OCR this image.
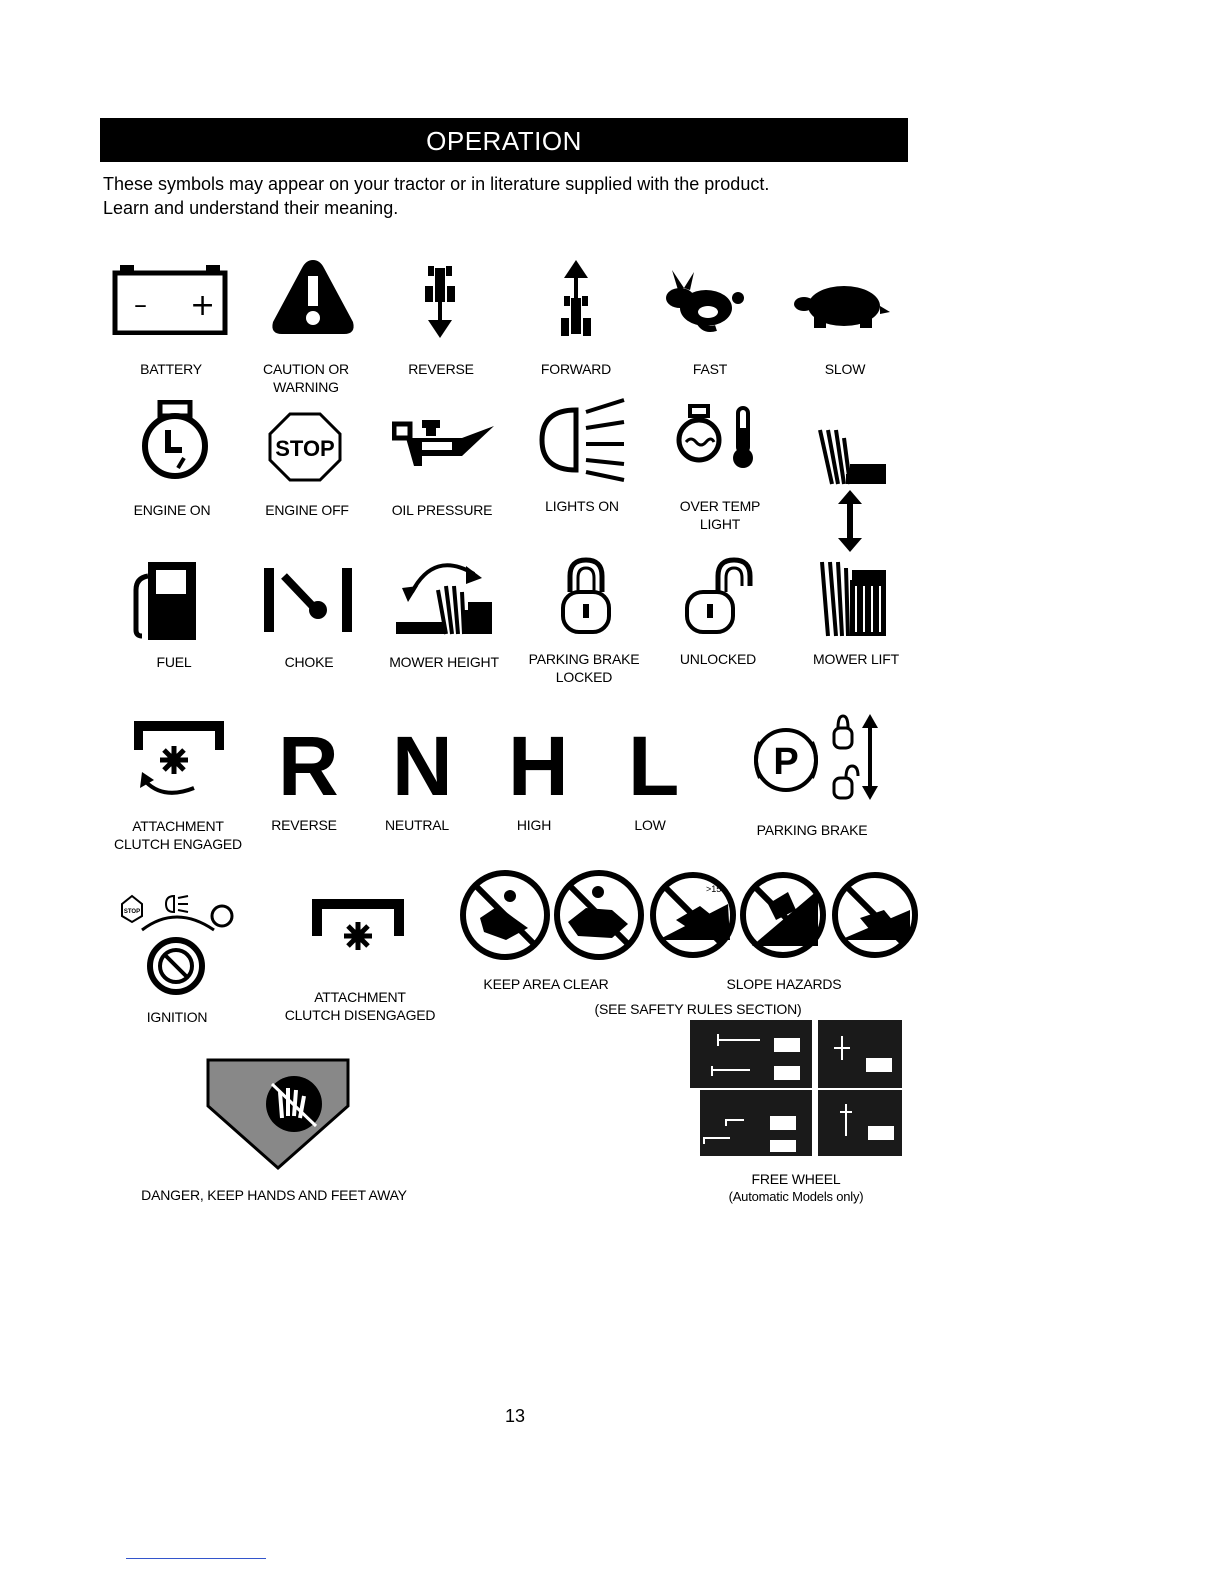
OPERATION
These symbols may appear on your tractor or in literature supplied with the product.
Learn and understand their meaning.
– +
BATTERY	CAUTION OR
WARNING
REVERSE	FORWARD	FAST	SLOW
ENGINE ON
STOP
ENGINE OFF	OIL PRESSURE	LIGHTS ON	OVER TEMP
LIGHT
FUEL	CHOKE	MOWER HEIGHT PARKING BRAKE
LOCKED
UNLOCKED	MOWER LIFT
ATTACHMENT
CLUTCH ENGAGED
R
REVERSE
N
NEUTRAL
H
HIGH
L
LOW
P
PARKING BRAKE
STOP
IGNITION
ATTACHMENT
CLUTCH DISENGAGED
KEEP AREA CLEAR
>15°
SLOPE HAZARDS
(SEE SAFETY RULES SECTION)
DANGER, KEEP HANDS AND FEET AWAY
FREE WHEEL
(Automatic Models only)
13
